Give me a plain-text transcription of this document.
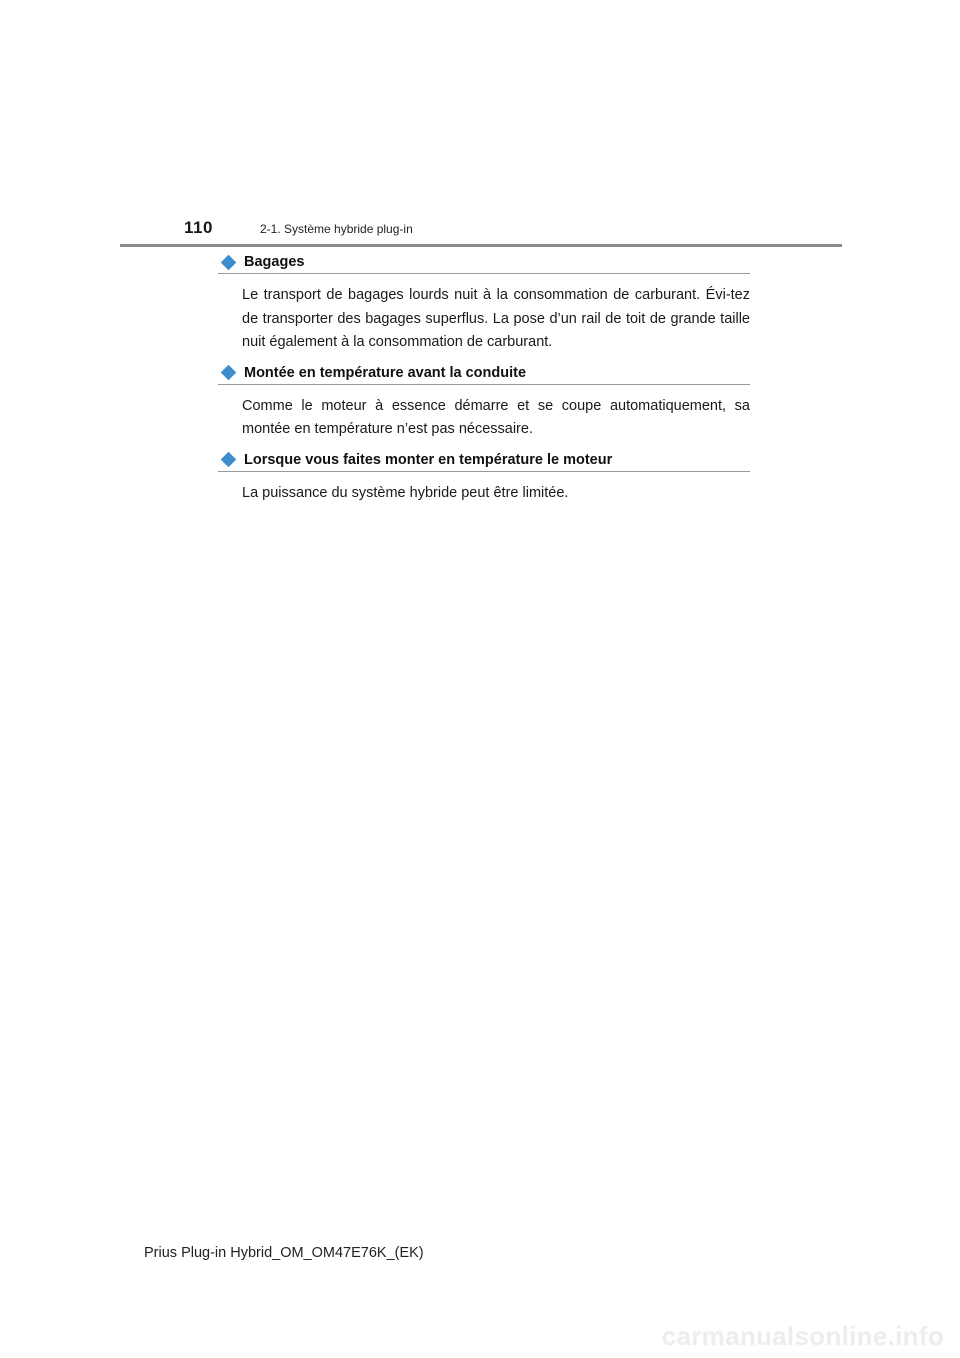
110	2-1. Système hybride plug-in
Bagages

Le transport de bagages lourds nuit à la consommation de carburant. Évi-tez de transporter des bagages superflus. La pose d’un rail de toit de grande taille nuit également à la consommation de carburant.

Montée en température avant la conduite

Comme le moteur à essence démarre et se coupe automatiquement, sa montée en température n’est pas nécessaire.

Lorsque vous faites monter en température le moteur

La puissance du système hybride peut être limitée.

Prius Plug-in Hybrid_OM_OM47E76K_(EK)
carmanualsonline.info
